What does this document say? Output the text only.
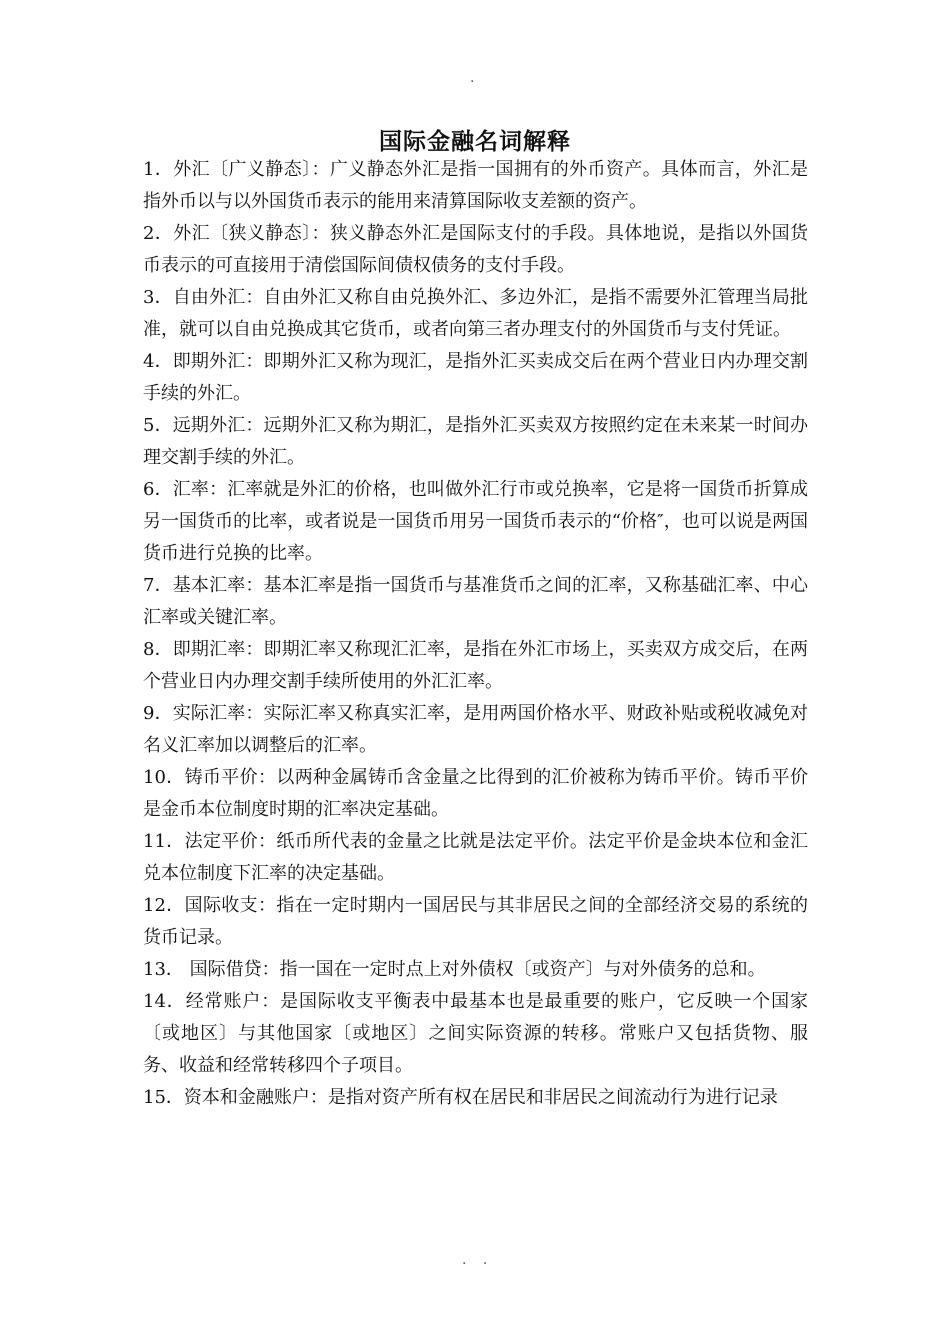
.
国际金融名词解释

1．外汇〔广义静态〕：广义静态外汇是指一国拥有的外币资产。具体而言，外汇是指外币以与以外国货币表示的能用来清算国际收支差额的资产。

2．外汇〔狭义静态〕：狭义静态外汇是国际支付的手段。具体地说，是指以外国货币表示的可直接用于清偿国际间债权债务的支付手段。

3．自由外汇：自由外汇又称自由兑换外汇、多边外汇，是指不需要外汇管理当局批准，就可以自由兑换成其它货币，或者向第三者办理支付的外国货币与支付凭证。

4．即期外汇：即期外汇又称为现汇，是指外汇买卖成交后在两个营业日内办理交割手续的外汇。

5．远期外汇：远期外汇又称为期汇，是指外汇买卖双方按照约定在未来某一时间办理交割手续的外汇。

6．汇率：汇率就是外汇的价格，也叫做外汇行市或兑换率，它是将一国货币折算成另一国货币的比率，或者说是一国货币用另一国货币表示的“价格″，也可以说是两国货币进行兑换的比率。

7．基本汇率：基本汇率是指一国货币与基准货币之间的汇率，又称基础汇率、中心汇率或关键汇率。

8．即期汇率：即期汇率又称现汇汇率，是指在外汇市场上，买卖双方成交后，在两个营业日内办理交割手续所使用的外汇汇率。

9．实际汇率：实际汇率又称真实汇率，是用两国价格水平、财政补贴或税收减免对名义汇率加以调整后的汇率。

10．铸币平价：以两种金属铸币含金量之比得到的汇价被称为铸币平价。铸币平价是金币本位制度时期的汇率决定基础。

11．法定平价：纸币所代表的金量之比就是法定平价。法定平价是金块本位和金汇兑本位制度下汇率的决定基础。

12．国际收支：指在一定时期内一国居民与其非居民之间的全部经济交易的系统的货币记录。

13． 国际借贷：指一国在一定时点上对外债权〔或资产〕与对外债务的总和。

14．经常账户：是国际收支平衡表中最基本也是最重要的账户，它反映一个国家〔或地区〕与其他国家〔或地区〕之间实际资源的转移。常账户又包括货物、服务、收益和经常转移四个子项目。

15．资本和金融账户：是指对资产所有权在居民和非居民之间流动行为进行记录

. .
